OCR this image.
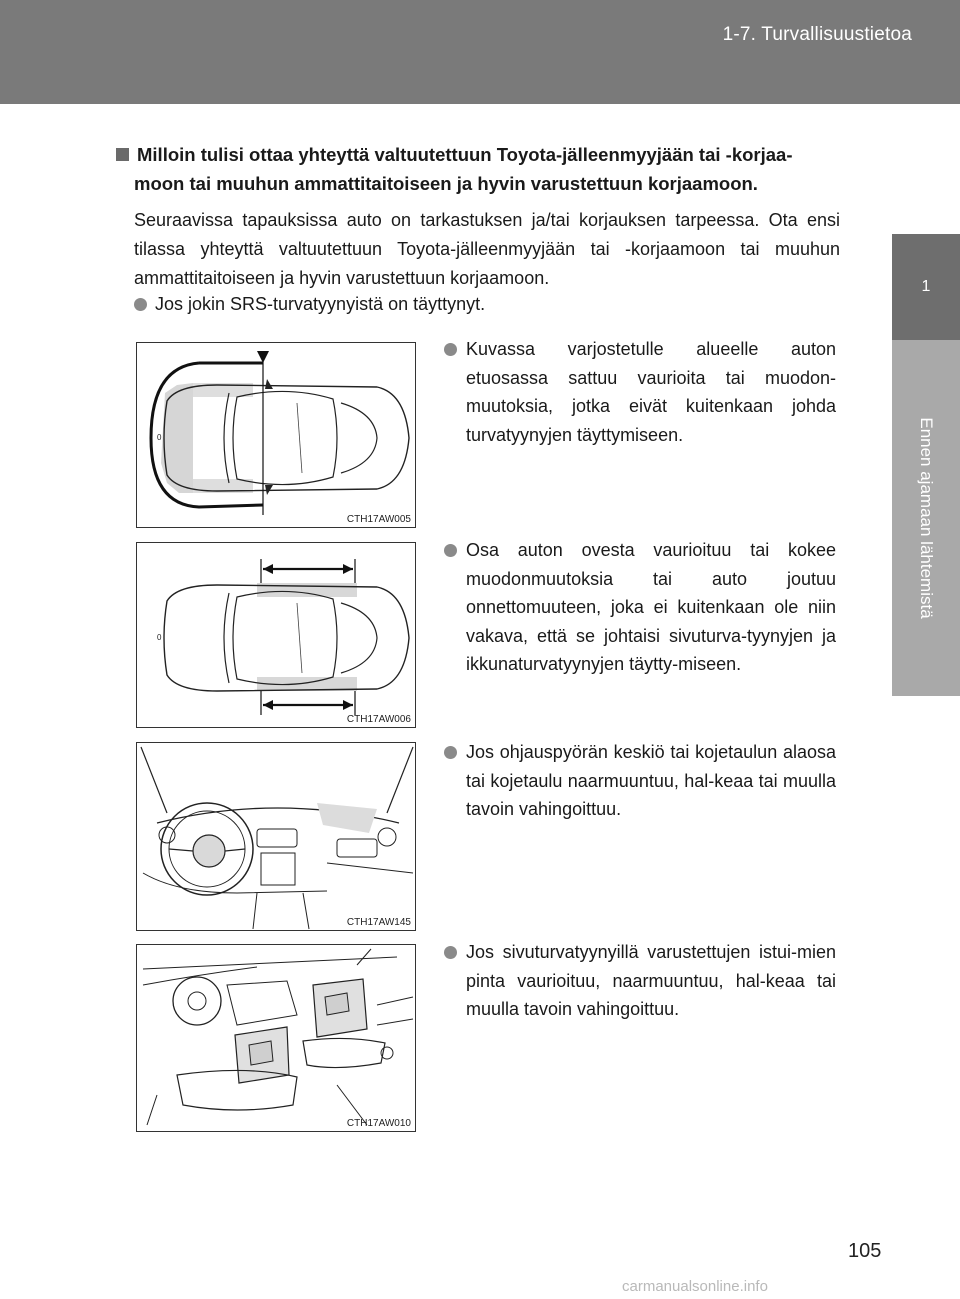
1-7. Turvallisuustietoa
1
Ennen ajamaan lähtemistä
Milloin tulisi ottaa yhteyttä valtuutettuun Toyota-jälleenmyyjään tai -korjaa-
moon tai muuhun ammattitaitoiseen ja hyvin varustettuun korjaamoon.
Seuraavissa tapauksissa auto on tarkastuksen ja/tai korjauksen tarpeessa. Ota ensi tilassa yhteyttä valtuutettuun Toyota-jälleenmyyjään tai -korjaamoon tai muuhun ammattitaitoiseen ja hyvin varustettuun korjaamoon.
Jos jokin SRS-turvatyynyistä on täyttynyt.
0
CTH17AW005
0
CTH17AW006
CTH17AW145
CTH17AW010
Kuvassa varjostetulle alueelle auton etuosassa sattuu vaurioita tai muodon-muutoksia, jotka eivät kuitenkaan johda turvatyynyjen täyttymiseen.
Osa auton ovesta vaurioituu tai kokee muodonmuutoksia tai auto joutuu onnettomuuteen, joka ei kuitenkaan ole niin vakava, että se johtaisi sivuturva-tyynyjen ja ikkunaturvatyynyjen täytty-miseen.
Jos ohjauspyörän keskiö tai kojetaulun alaosa tai kojetaulu naarmuuntuu, hal-keaa tai muulla tavoin vahingoittuu.
Jos sivuturvatyynyillä varustettujen istui-mien pinta vaurioituu, naarmuuntuu, hal-keaa tai muulla tavoin vahingoittuu.
105
carmanualsonline.info
